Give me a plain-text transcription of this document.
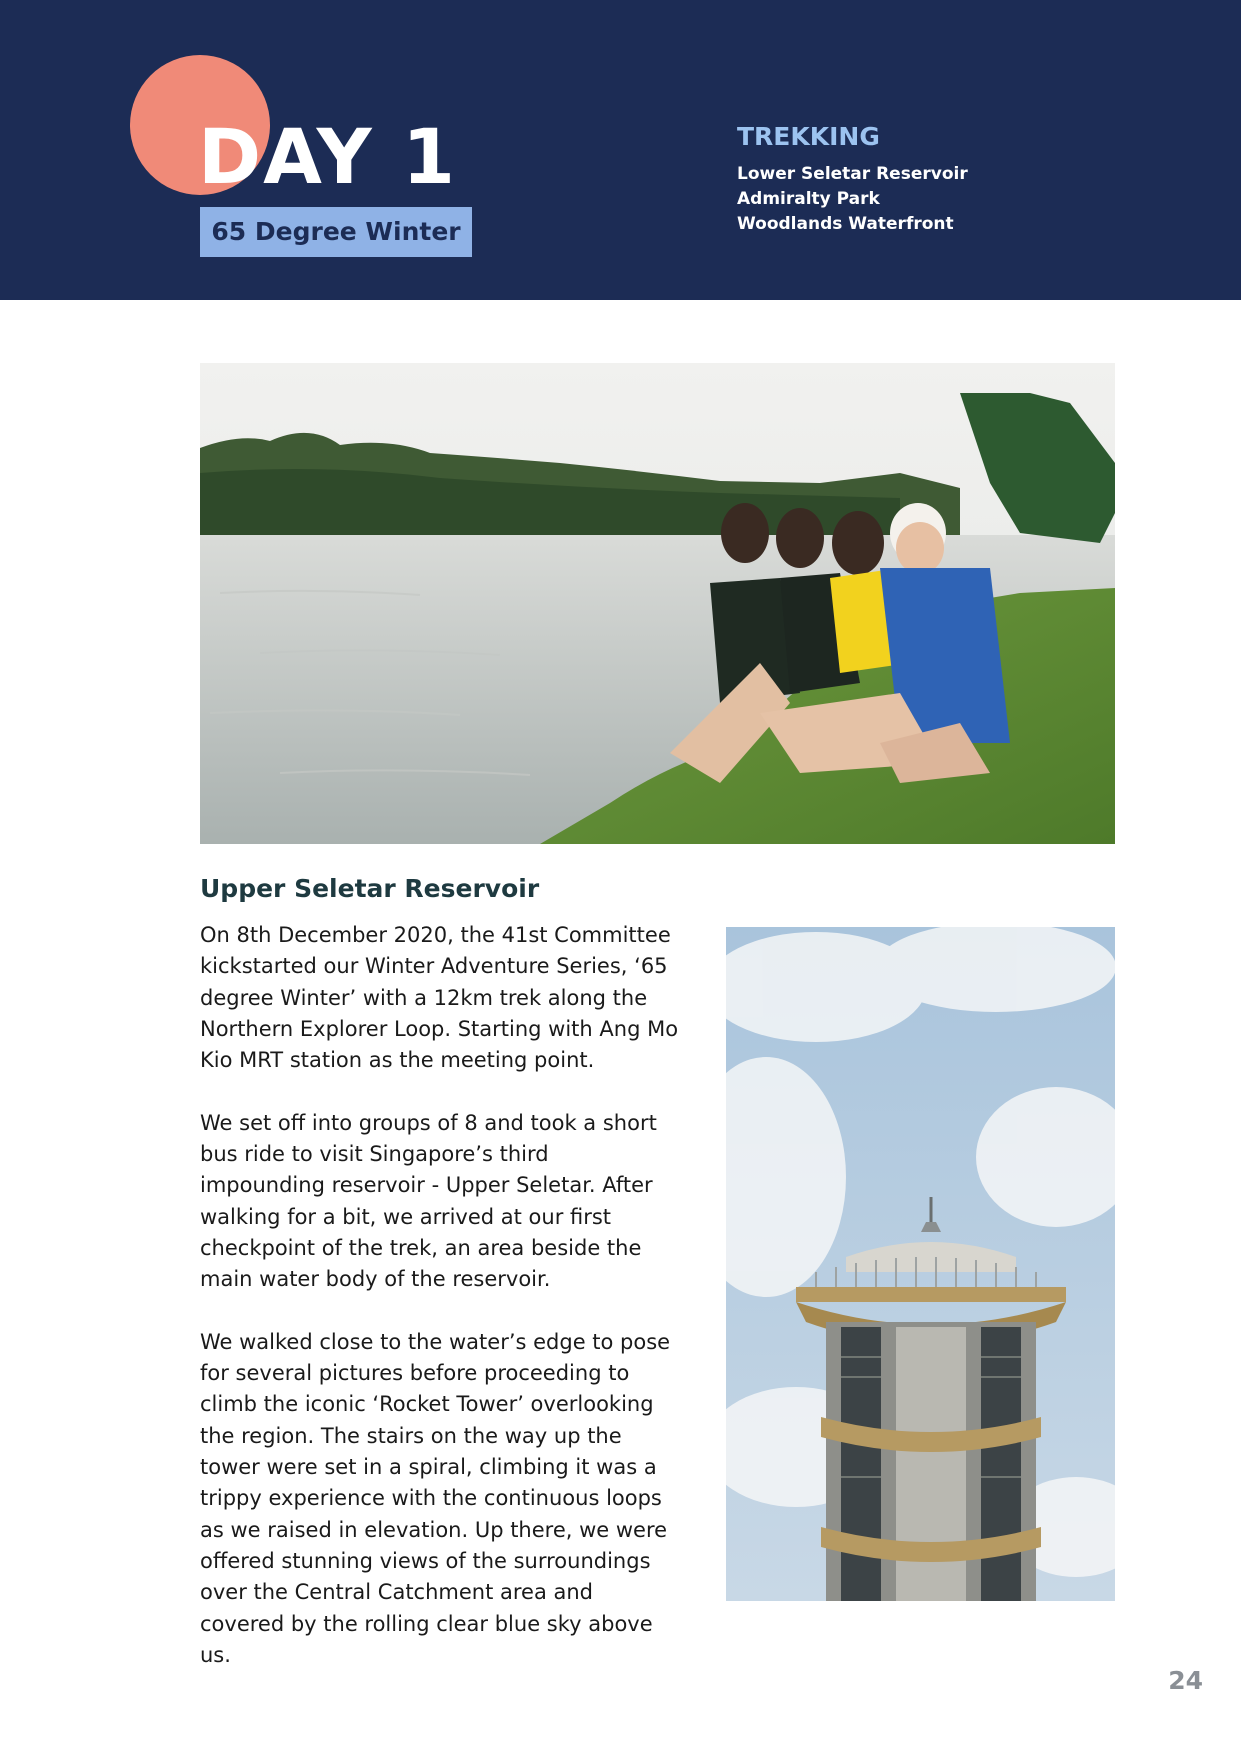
DAY 1
65 Degree Winter
TREKKING
Lower Seletar Reservoir
Admiralty Park
Woodlands Waterfront
Upper Seletar Reservoir

On 8th December 2020, the 41st Committee kickstarted our Winter Adventure Series, ‘65 degree Winter’ with a 12km trek along the Northern Explorer Loop. Starting with Ang Mo Kio MRT station as the meeting point.

We set off into groups of 8 and took a short bus ride to visit Singapore’s third impounding reservoir - Upper Seletar. After walking for a bit, we arrived at our first checkpoint of the trek, an area beside the main water body of the reservoir.

We walked close to the water’s edge to pose for several pictures before proceeding to climb the iconic ‘Rocket Tower’ overlooking the region. The stairs on the way up the tower were set in a spiral, climbing it was a trippy experience with the continuous loops as we raised in elevation. Up there, we were offered stunning views of the surroundings over the Central Catchment area and covered by the rolling clear blue sky above us.

24
